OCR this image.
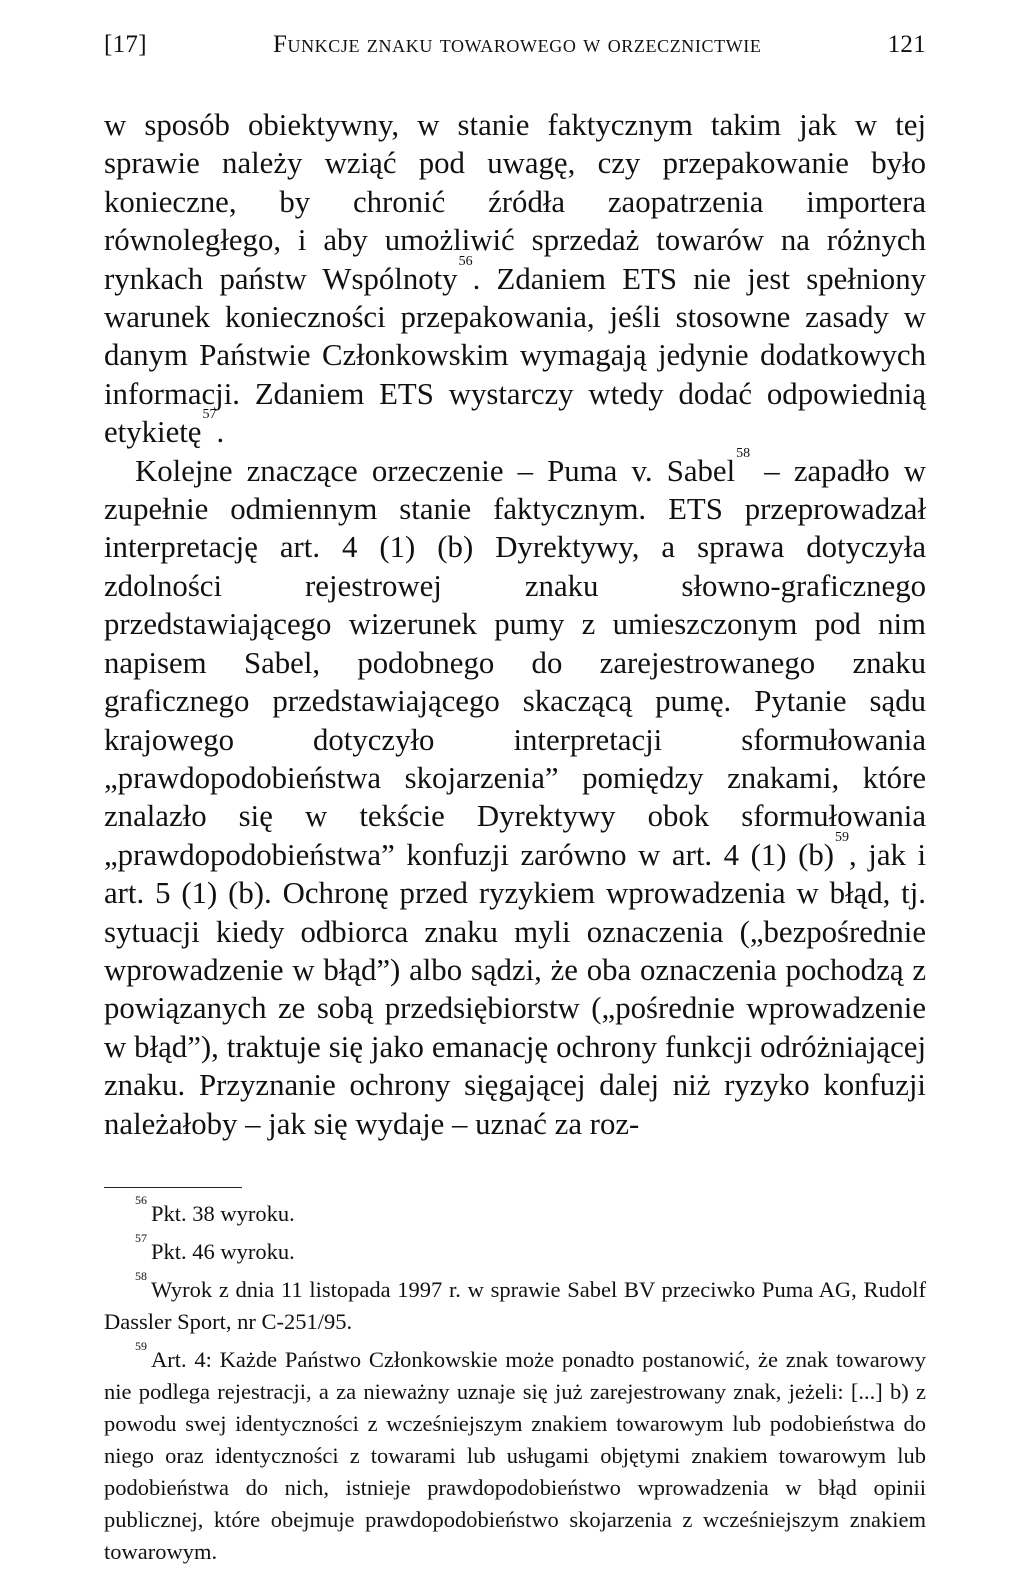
[17]	Funkcje znaku towarowego w orzecznictwie	121

w sposób obiektywny, w stanie faktycznym takim jak w tej sprawie należy wziąć pod uwagę, czy przepakowanie było konieczne, by chronić źródła zaopatrzenia importera równoległego, i aby umożliwić sprzedaż towarów na różnych rynkach państw Wspólnoty$^{56}$. Zdaniem ETS nie jest spełniony warunek konieczności przepakowania, jeśli stosowne zasady w danym Państwie Członkowskim wymagają jedynie dodatkowych informacji. Zdaniem ETS wystarczy wtedy dodać odpowiednią etykietę$^{57}$.

Kolejne znaczące orzeczenie – Puma v. Sabel$^{58}$ – zapadło w zupełnie odmiennym stanie faktycznym. ETS przeprowadzał interpretację art. 4 (1) (b) Dyrektywy, a sprawa dotyczyła zdolności rejestrowej znaku słowno-graficznego przedstawiającego wizerunek pumy z umieszczonym pod nim napisem Sabel, podobnego do zarejestrowanego znaku graficznego przedstawiającego skaczącą pumę. Pytanie sądu krajowego dotyczyło interpretacji sformułowania „prawdopodobieństwa skojarzenia” pomiędzy znakami, które znalazło się w tekście Dyrektywy obok sformułowania „prawdopodobieństwa” konfuzji zarówno w art. 4 (1) (b)$^{59}$, jak i art. 5 (1) (b). Ochronę przed ryzykiem wprowadzenia w błąd, tj. sytuacji kiedy odbiorca znaku myli oznaczenia („bezpośrednie wprowadzenie w błąd”) albo sądzi, że oba oznaczenia pochodzą z powiązanych ze sobą przedsiębiorstw („pośrednie wprowadzenie w błąd”), traktuje się jako emanację ochrony funkcji odróżniającej znaku. Przyznanie ochrony sięgającej dalej niż ryzyko konfuzji należałoby – jak się wydaje – uznać za roz-

$^{56}$Pkt. 38 wyroku.

$^{57}$Pkt. 46 wyroku.

$^{58}$Wyrok z dnia 11 listopada 1997 r. w sprawie Sabel BV przeciwko Puma AG, Rudolf Dassler Sport, nr C-251/95.

$^{59}$Art. 4: Każde Państwo Członkowskie może ponadto postanowić, że znak towarowy nie podlega rejestracji, a za nieważny uznaje się już zarejestrowany znak, jeżeli: [...] b) z powodu swej identyczności z wcześniejszym znakiem towarowym lub podobieństwa do niego oraz identyczności z towarami lub usługami objętymi znakiem towarowym lub podobieństwa do nich, istnieje prawdopodobieństwo wprowadzenia w błąd opinii publicznej, które obejmuje prawdopodobieństwo skojarzenia z wcześniejszym znakiem towarowym.
